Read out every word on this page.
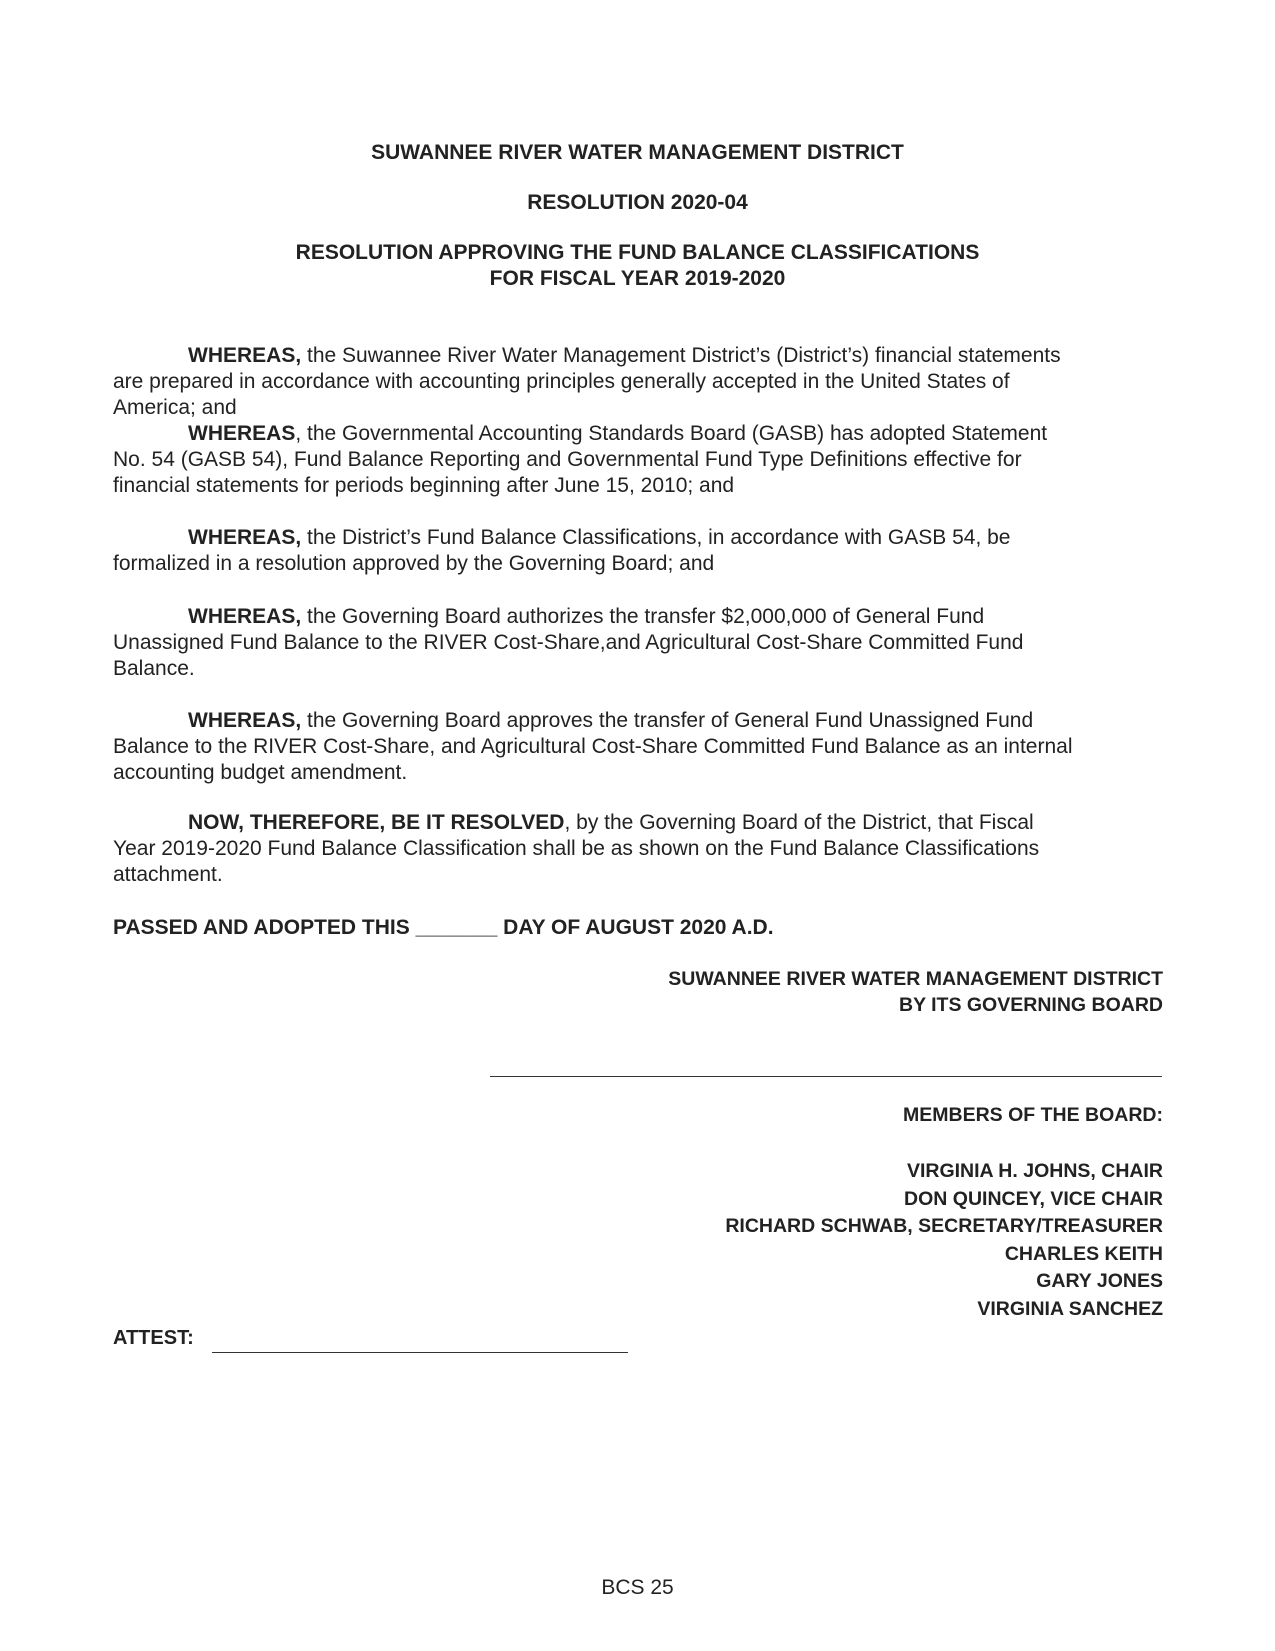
SUWANNEE RIVER WATER MANAGEMENT DISTRICT
RESOLUTION 2020-04
RESOLUTION APPROVING THE FUND BALANCE CLASSIFICATIONS
FOR FISCAL YEAR 2019-2020
WHEREAS, the Suwannee River Water Management District’s (District’s) financial statements
are prepared in accordance with accounting principles generally accepted in the United States of
America; and
WHEREAS, the Governmental Accounting Standards Board (GASB) has adopted Statement
No. 54 (GASB 54), Fund Balance Reporting and Governmental Fund Type Definitions effective for
financial statements for periods beginning after June 15, 2010; and
WHEREAS, the District’s Fund Balance Classifications, in accordance with GASB 54, be
formalized in a resolution approved by the Governing Board; and
WHEREAS, the Governing Board authorizes the transfer $2,000,000 of General Fund
Unassigned Fund Balance to the RIVER Cost-Share,and Agricultural Cost-Share Committed Fund
Balance.
WHEREAS, the Governing Board approves the transfer of General Fund Unassigned Fund
Balance to the RIVER Cost-Share, and Agricultural Cost-Share Committed Fund Balance as an internal
accounting budget amendment.
NOW, THEREFORE, BE IT RESOLVED, by the Governing Board of the District, that Fiscal
Year 2019-2020 Fund Balance Classification shall be as shown on the Fund Balance Classifications
attachment.
PASSED AND ADOPTED THIS _______ DAY OF AUGUST 2020 A.D.
SUWANNEE RIVER WATER MANAGEMENT DISTRICT
BY ITS GOVERNING BOARD
MEMBERS OF THE BOARD:
VIRGINIA H. JOHNS, CHAIR
DON QUINCEY, VICE CHAIR
RICHARD SCHWAB, SECRETARY/TREASURER
CHARLES KEITH
GARY JONES
VIRGINIA SANCHEZ
ATTEST:
BCS 25
